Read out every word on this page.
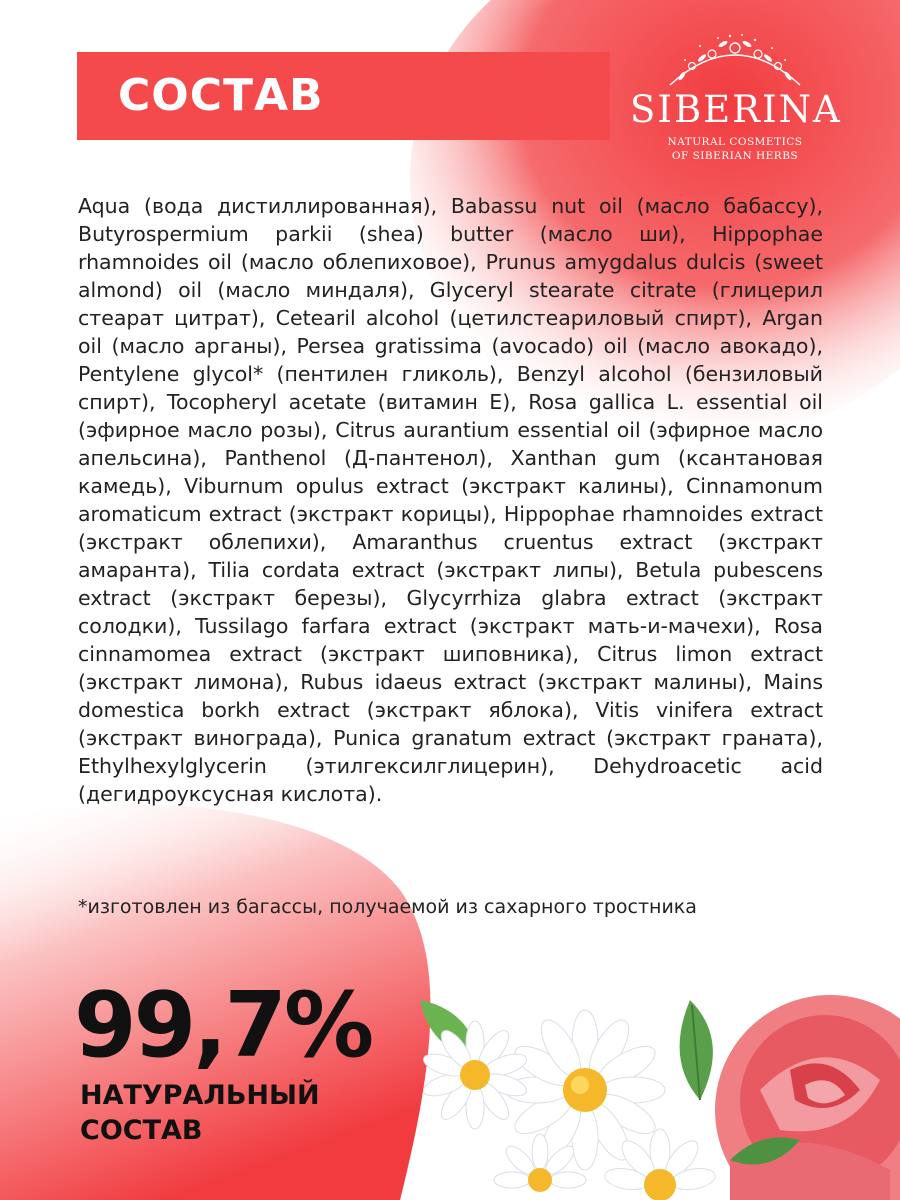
СОСТАВ	SIBERINA
NATURAL COSMETICS
OF SIBERIAN HERBS

Aqua (вода дистиллированная), Babassu nut oil (масло бабассу), Butyrospermium parkii (shea) butter (масло ши), Hippophae rhamnoides oil (масло облепиховое), Prunus amygdalus dulcis (sweet almond) oil (масло миндаля), Glyceryl stearate citrate (глицерил стеарат цитрат), Cetearil alcohol (цетилстеариловый спирт), Argan oil (масло арганы), Persea gratissima (avocado) oil (масло авокадо), Pentylene glycol* (пентилен гликоль), Benzyl alcohol (бензиловый спирт), Tocopheryl acetate (витамин Е), Rosa gallica L. essential oil (эфирное масло розы), Citrus aurantium essential oil (эфирное масло апельсина), Panthenol (Д-пантенол), Xanthan gum (ксантановая камедь), Viburnum opulus extract (экстракт калины), Cinnamonum aromaticum extract (экстракт корицы), Hippophae rhamnoides extract (экстракт облепихи), Amaranthus cruentus extract (экстракт амаранта), Tilia cordata extract (экстракт липы), Betula pubescens extract (экстракт березы), Glycyrrhiza glabra extract (экстракт солодки), Tussilago farfara extract (экстракт мать-и-мачехи), Rosa cinnamomea extract (экстракт шиповника), Citrus limon extract (экстракт лимона), Rubus idaeus extract (экстракт малины), Mains domestica borkh extract (экстракт яблока), Vitis vinifera extract (экстракт винограда), Punica granatum extract (экстракт граната), Ethylhexylglycerin (этилгексилглицерин), Dehydroacetic acid (дегидроуксусная кислота).

*изготовлен из багассы, получаемой из сахарного тростника

99,7%
НАТУРАЛЬНЫЙ СОСТАВ
